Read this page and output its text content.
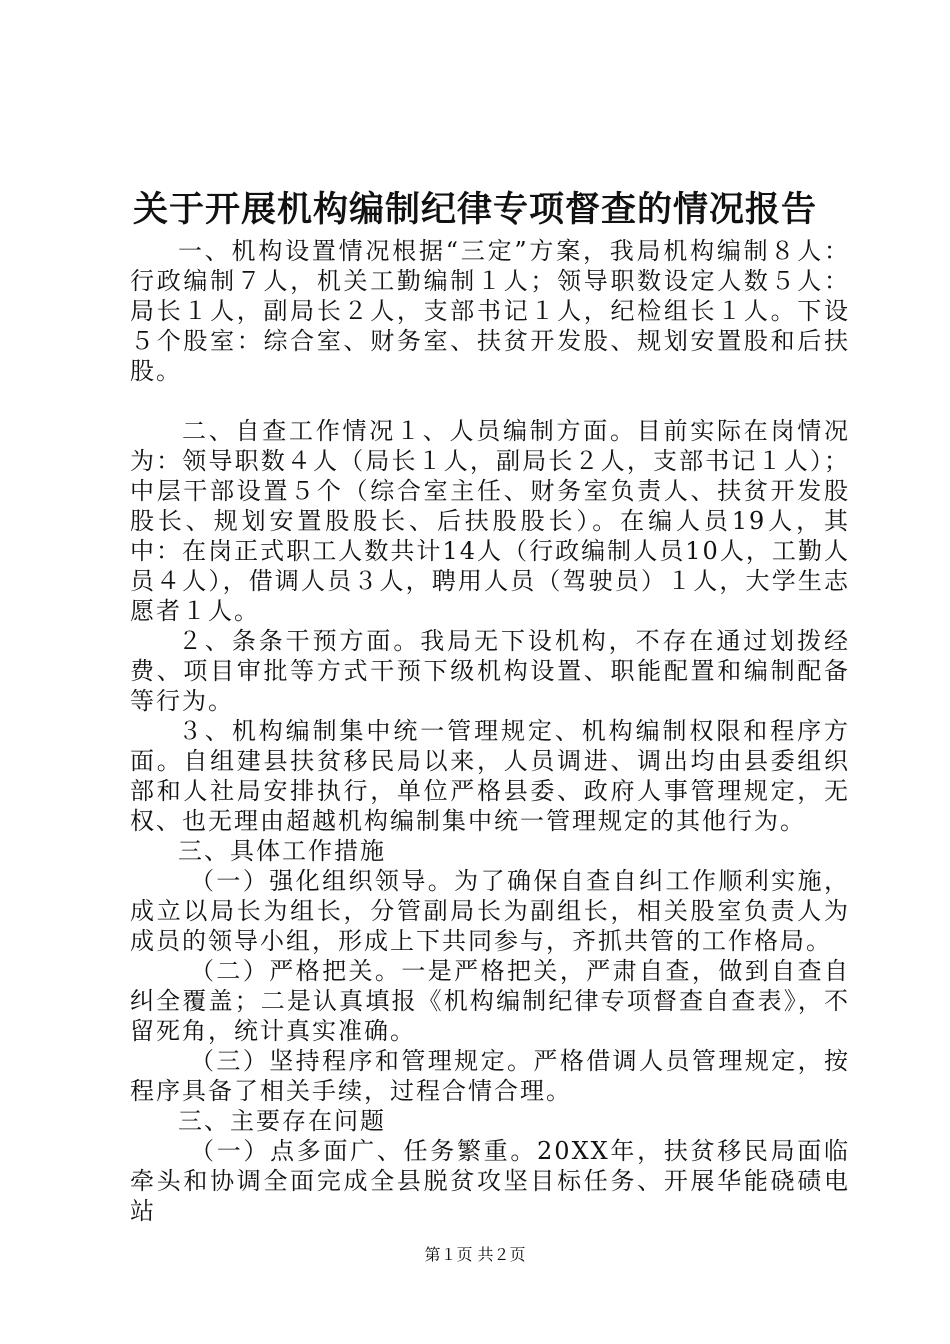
关于开展机构编制纪律专项督查的情况报告

一、机构设置情况根据“三定”方案，我局机构编制８人：行政编制７人，机关工勤编制１人；领导职数设定人数５人：局长１人，副局长２人，支部书记１人，纪检组长１人。下设５个股室：综合室、财务室、扶贫开发股、规划安置股和后扶股。

二、自查工作情况１、人员编制方面。目前实际在岗情况为：领导职数４人（局长１人，副局长２人，支部书记１人）；中层干部设置５个（综合室主任、财务室负责人、扶贫开发股股长、规划安置股股长、后扶股股长）。在编人员19人，其中：在岗正式职工人数共计14人（行政编制人员10人，工勤人员４人），借调人员３人，聘用人员（驾驶员）１人，大学生志愿者１人。

２、条条干预方面。我局无下设机构，不存在通过划拨经费、项目审批等方式干预下级机构设置、职能配置和编制配备等行为。

３、机构编制集中统一管理规定、机构编制权限和程序方面。自组建县扶贫移民局以来，人员调进、调出均由县委组织部和人社局安排执行，单位严格县委、政府人事管理规定，无权、也无理由超越机构编制集中统一管理规定的其他行为。

三、具体工作措施

（一）强化组织领导。为了确保自查自纠工作顺利实施，成立以局长为组长，分管副局长为副组长，相关股室负责人为成员的领导小组，形成上下共同参与，齐抓共管的工作格局。

（二）严格把关。一是严格把关，严肃自查，做到自查自纠全覆盖；二是认真填报《机构编制纪律专项督查自查表》，不留死角，统计真实准确。

（三）坚持程序和管理规定。严格借调人员管理规定，按程序具备了相关手续，过程合情合理。

三、主要存在问题

（一）点多面广、任务繁重。20XX年，扶贫移民局面临牵头和协调全面完成全县脱贫攻坚目标任务、开展华能硗碛电站

第１页 共２页
